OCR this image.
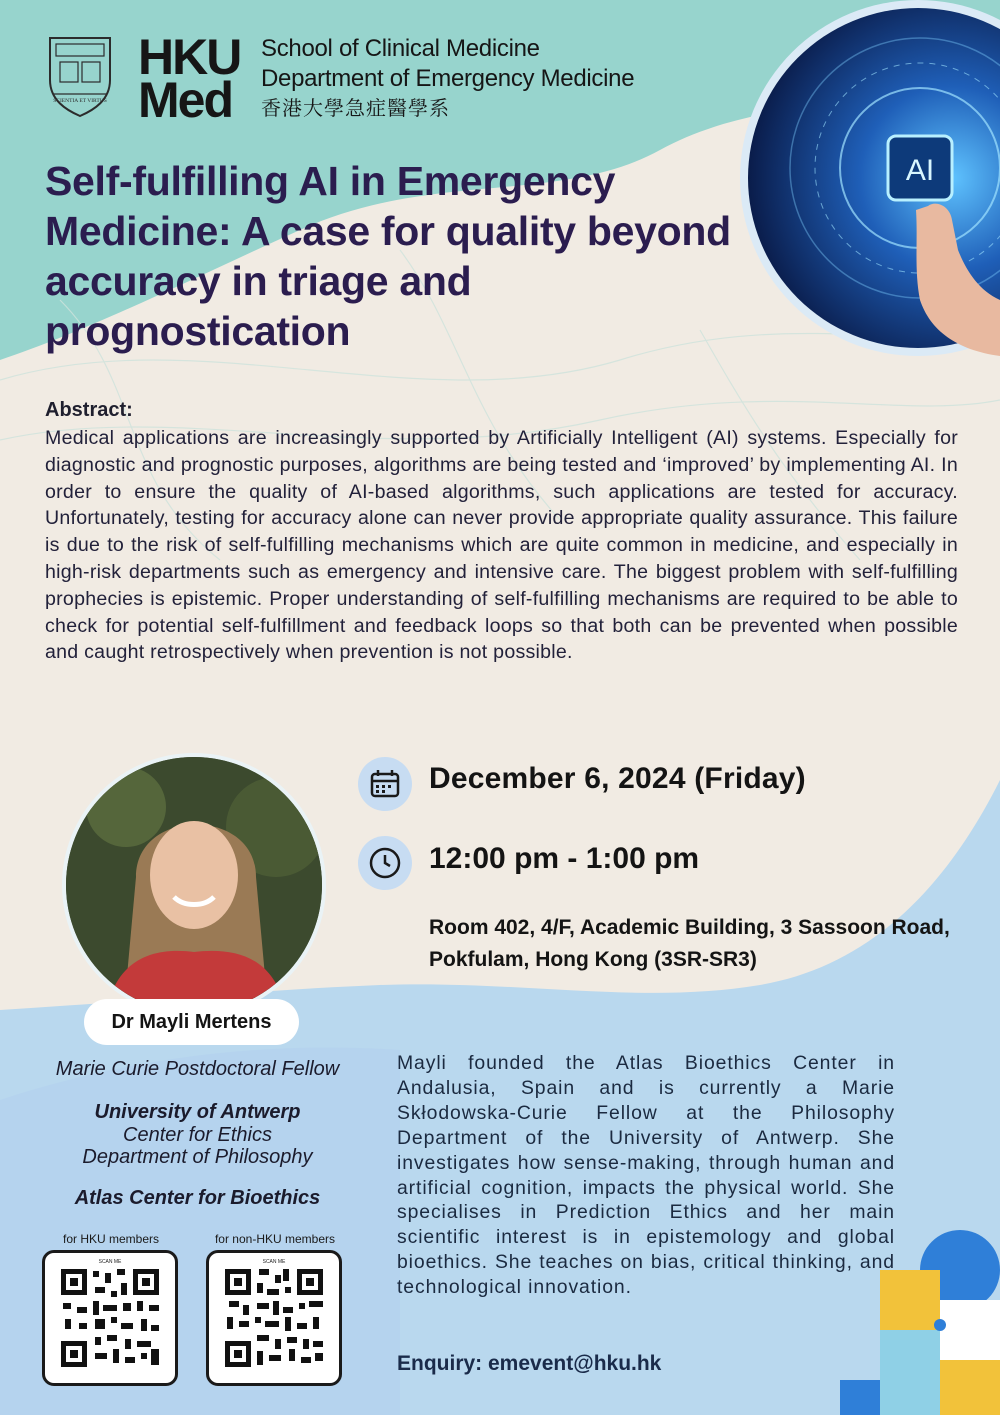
SCIENTIA ET VIRTUS
HKU
Med
School of Clinical Medicine
Department of Emergency Medicine
香港大學急症醫學系
Self-fulfilling AI in Emergency Medicine: A case for quality beyond accuracy in triage and prognostication
AI
Abstract:

Medical applications are increasingly supported by Artificially Intelligent (AI) systems. Especially for diagnostic and prognostic purposes, algorithms are being tested and ‘improved’ by implementing AI. In order to ensure the quality of AI-based algorithms, such applications are tested for accuracy. Unfortunately, testing for accuracy alone can never provide appropriate quality assurance. This failure is due to the risk of self-fulfilling mechanisms which are quite common in medicine, and especially in high-risk departments such as emergency and intensive care. The biggest problem with self-fulfilling prophecies is epistemic. Proper understanding of self-fulfilling mechanisms are required to be able to check for potential self-fulfillment and feedback loops so that both can be prevented when possible and caught retrospectively when prevention is not possible.

Dr Mayli Mertens
Marie Curie Postdoctoral Fellow
University of Antwerp
Center for Ethics
Department of Philosophy
Atlas Center for Bioethics
December 6, 2024 (Friday)
12:00 pm - 1:00 pm

Room 402, 4/F, Academic Building, 3 Sassoon Road, Pokfulam, Hong Kong (3SR-SR3)

Mayli founded the Atlas Bioethics Center in Andalusia, Spain and is currently a Marie Skłodowska-Curie Fellow at the Philosophy Department of the University of Antwerp. She investigates how sense-making, through human and artificial cognition, impacts the physical world. She specialises in Prediction Ethics and her main scientific interest is in epistemology and global bioethics. She teaches on bias, critical thinking, and technological innovation.

Enquiry: emevent@hku.hk
for HKU members	for non-HKU members
SCAN ME	SCAN ME
